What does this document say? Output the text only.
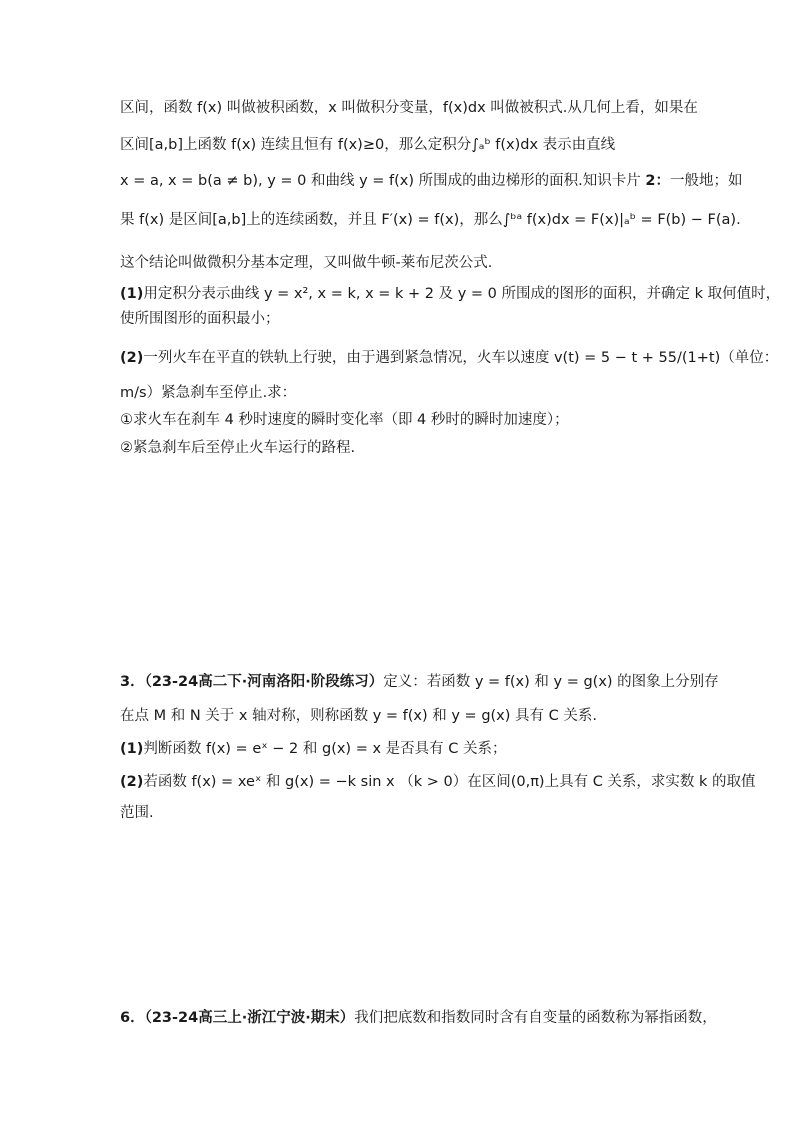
区间，函数 f(x) 叫做被积函数，x 叫做积分变量，f(x)dx 叫做被积式.从几何上看，如果在
区间[a,b]上函数 f(x) 连续且恒有 f(x)≥0，那么定积分∫ₐᵇ f(x)dx 表示由直线
x = a, x = b(a ≠ b), y = 0 和曲线 y = f(x) 所围成的曲边梯形的面积.知识卡片 2：一般地；如
果 f(x) 是区间[a,b]上的连续函数，并且 F′(x) = f(x)，那么∫ᵇᵃ f(x)dx = F(x)|ₐᵇ = F(b) − F(a).
这个结论叫做微积分基本定理，又叫做牛顿-莱布尼茨公式.
(1)用定积分表示曲线 y = x², x = k, x = k + 2 及 y = 0 所围成的图形的面积，并确定 k 取何值时，
使所围图形的面积最小；
(2)一列火车在平直的铁轨上行驶，由于遇到紧急情况，火车以速度 v(t) = 5 − t + 55/(1+t)（单位：
m/s）紧急刹车至停止.求：
①求火车在刹车 4 秒时速度的瞬时变化率（即 4 秒时的瞬时加速度）；
②紧急刹车后至停止火车运行的路程.
3．（23-24高二下·河南洛阳·阶段练习）定义：若函数 y = f(x) 和 y = g(x) 的图象上分别存
在点 M 和 N 关于 x 轴对称，则称函数 y = f(x) 和 y = g(x) 具有 C 关系.
(1)判断函数 f(x) = eˣ − 2 和 g(x) = x 是否具有 C 关系；
(2)若函数 f(x) = xeˣ 和 g(x) = −k sin x （k > 0）在区间(0,π)上具有 C 关系，求实数 k 的取值
范围.
6．（23-24高三上·浙江宁波·期末）我们把底数和指数同时含有自变量的函数称为幂指函数，
